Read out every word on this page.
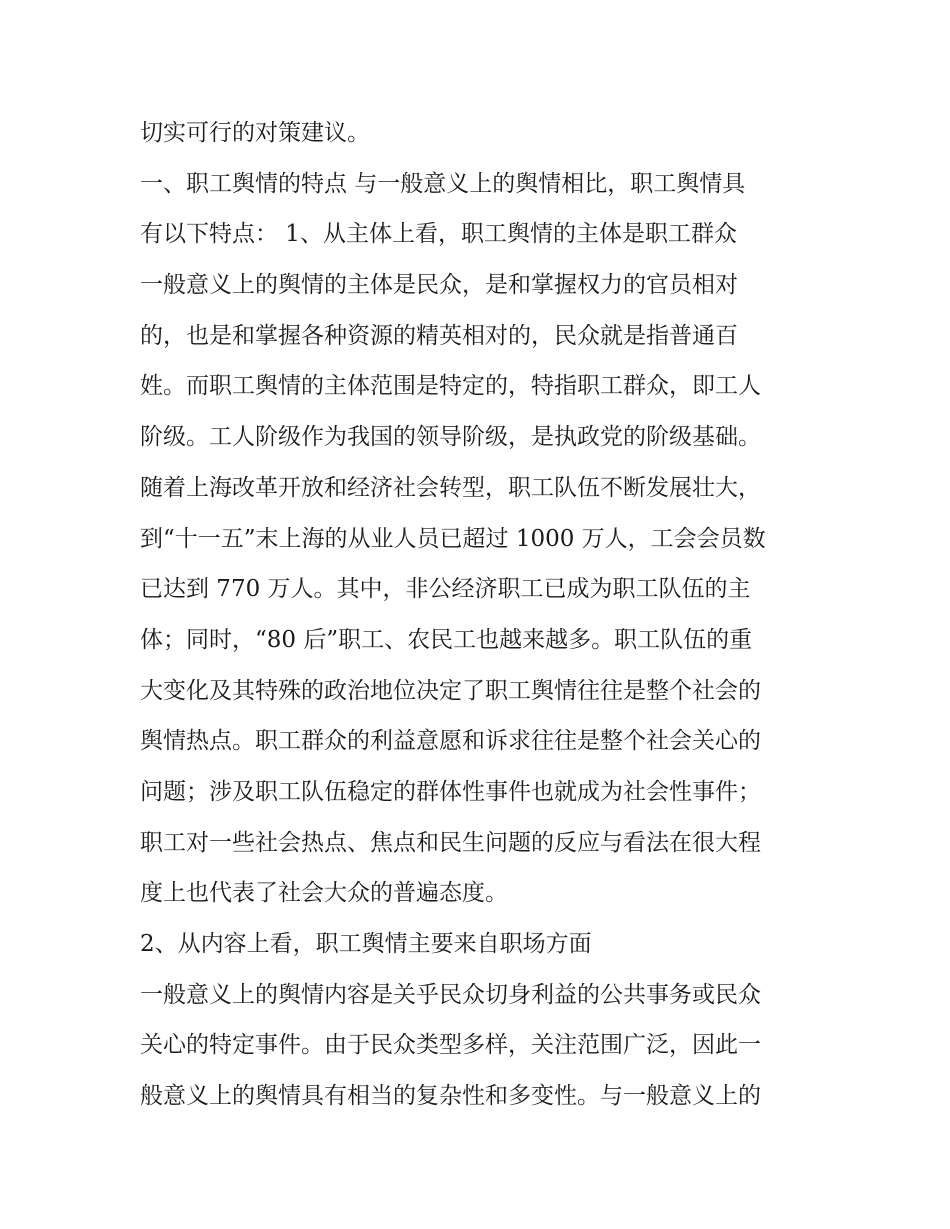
切实可行的对策建议。
一、职工舆情的特点 与一般意义上的舆情相比，职工舆情具
有以下特点： 1、从主体上看，职工舆情的主体是职工群众
一般意义上的舆情的主体是民众，是和掌握权力的官员相对
的，也是和掌握各种资源的精英相对的，民众就是指普通百
姓。而职工舆情的主体范围是特定的，特指职工群众，即工人
阶级。工人阶级作为我国的领导阶级，是执政党的阶级基础。
随着上海改革开放和经济社会转型，职工队伍不断发展壮大，
到“十一五”末上海的从业人员已超过 1000 万人，工会会员数
已达到 770 万人。其中，非公经济职工已成为职工队伍的主
体；同时，“80 后”职工、农民工也越来越多。职工队伍的重
大变化及其特殊的政治地位决定了职工舆情往往是整个社会的
舆情热点。职工群众的利益意愿和诉求往往是整个社会关心的
问题；涉及职工队伍稳定的群体性事件也就成为社会性事件；
职工对一些社会热点、焦点和民生问题的反应与看法在很大程
度上也代表了社会大众的普遍态度。
2、从内容上看，职工舆情主要来自职场方面
一般意义上的舆情内容是关乎民众切身利益的公共事务或民众
关心的特定事件。由于民众类型多样，关注范围广泛，因此一
般意义上的舆情具有相当的复杂性和多变性。与一般意义上的
